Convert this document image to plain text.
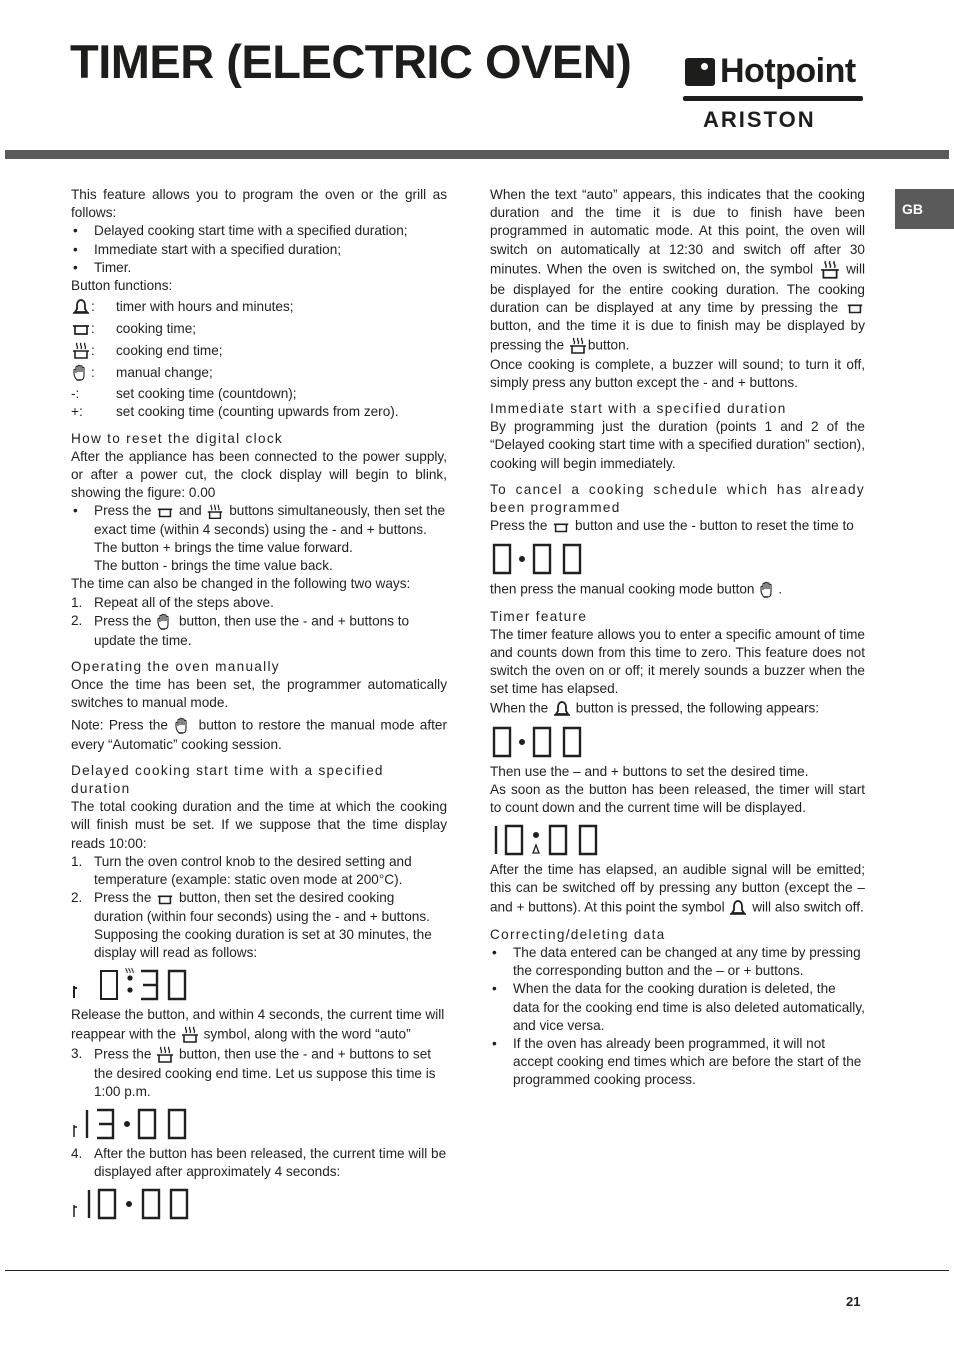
TIMER (ELECTRIC OVEN)	Hotpoint
ARISTON
GB

This feature allows you to program the oven or the grill as follows:

• Delayed cooking start time with a specified duration;

• Immediate start with a specified duration;

• Timer.

Button functions:

: timer with hours and minutes;
: cooking time;
: cooking end time;
: manual change;
-:	set cooking time (countdown);
+:	set cooking time (counting upwards from zero).

How to reset the digital clock

After the appliance has been connected to the power supply, or after a power cut, the clock display will begin to blink, showing the figure: 0.00

• Press the and buttons simultaneously, then set the exact time (within 4 seconds) using the - and + buttons.

The button + brings the time value forward.

The button - brings the time value back.

The time can also be changed in the following two ways:

1. Repeat all of the steps above.

2. Press the button, then use the - and + buttons to update the time.

Operating the oven manually

Once the time has been set, the programmer automatically switches to manual mode.

Note: Press the button to restore the manual mode after every “Automatic” cooking session.

Delayed cooking start time with a specified duration

The total cooking duration and the time at which the cooking will finish must be set. If we suppose that the time display reads 10:00:

1. Turn the oven control knob to the desired setting and temperature (example: static oven mode at 200°C).

2. Press the button, then set the desired cooking duration (within four seconds) using the - and + buttons. Supposing the cooking duration is set at 30 minutes, the display will read as follows:

Release the button, and within 4 seconds, the current time will reappear with the symbol, along with the word “auto”

3. Press the button, then use the - and + buttons to set the desired cooking end time. Let us suppose this time is 1:00 p.m.

4. After the button has been released, the current time will be displayed after approximately 4 seconds:

When the text “auto” appears, this indicates that the cooking duration and the time it is due to finish have been programmed in automatic mode. At this point, the oven will switch on automatically at 12:30 and switch off after 30 minutes. When the oven is switched on, the symbol will be displayed for the entire cooking duration. The cooking duration can be displayed at any time by pressing the  button, and the time it is due to finish may be displayed by pressing the button.

Once cooking is complete, a buzzer will sound; to turn it off, simply press any button except the - and + buttons.

Immediate start with a specified duration

By programming just the duration (points 1 and 2 of the “Delayed cooking start time with a specified duration” section), cooking will begin immediately.

To cancel a cooking schedule which has already been programmed

Press the button and use the - button to reset the time to

then press the manual cooking mode button .

Timer feature

The timer feature allows you to enter a specific amount of time and counts down from this time to zero. This feature does not switch the oven on or off; it merely sounds a buzzer when the set time has elapsed.

When the button is pressed, the following appears:

Then use the – and + buttons to set the desired time.

As soon as the button has been released, the timer will start to count down and the current time will be displayed.

After the time has elapsed, an audible signal will be emitted; this can be switched off by pressing any button (except the – and + buttons). At this point the symbol will also switch off.

Correcting/deleting data

• The data entered can be changed at any time by pressing the corresponding button and the – or + buttons.

• When the data for the cooking duration is deleted, the data for the cooking end time is also deleted automatically, and vice versa.

• If the oven has already been programmed, it will not accept cooking end times which are before the start of the programmed cooking process.

21
